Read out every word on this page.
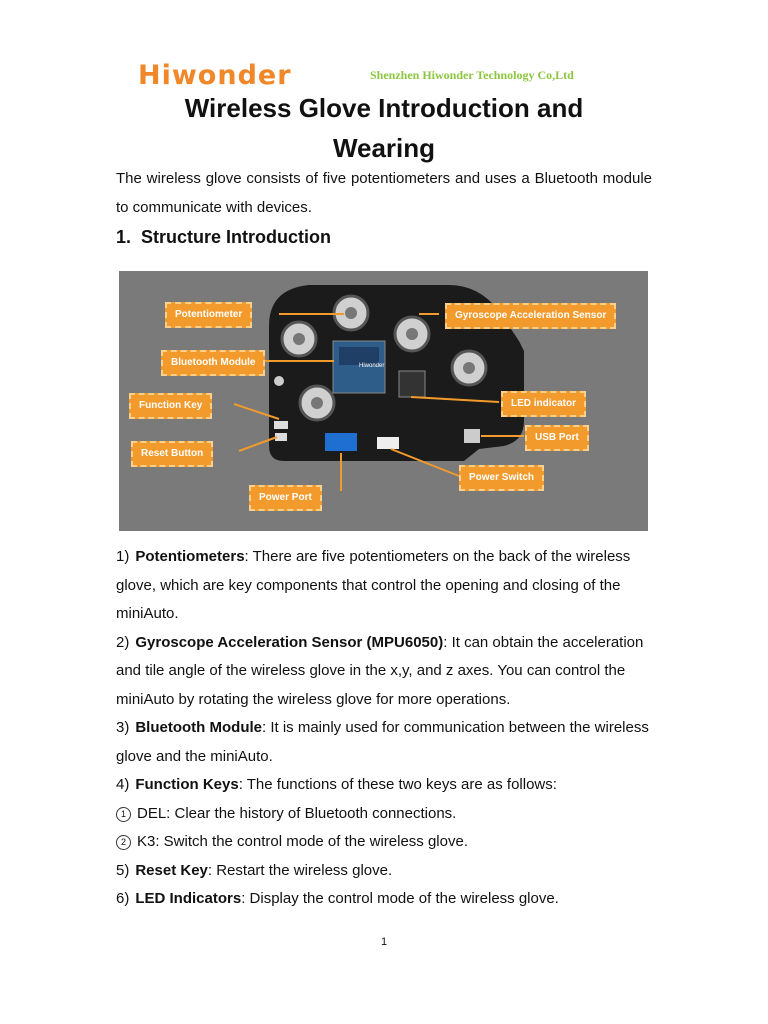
Hiwonder	Shenzhen Hiwonder Technology Co,Ltd
Wireless Glove Introduction and
Wearing
The wireless glove consists of five potentiometers and uses a Bluetooth module to communicate with devices.
1. Structure Introduction
Hiwonder
Potentiometer	Gyroscope Acceleration Sensor
Bluetooth Module
Function Key	LED indicator
USB Port
Reset Button
Power Switch
Power Port
1) Potentiometers: There are five potentiometers on the back of the wireless glove, which are key components that control the opening and closing of the miniAuto.
2) Gyroscope Acceleration Sensor (MPU6050): It can obtain the acceleration and tile angle of the wireless glove in the x,y, and z axes. You can control the miniAuto by rotating the wireless glove for more operations.
3) Bluetooth Module: It is mainly used for communication between the wireless glove and the miniAuto.
4) Function Keys: The functions of these two keys are as follows:
1 DEL: Clear the history of Bluetooth connections.
2 K3: Switch the control mode of the wireless glove.
5) Reset Key: Restart the wireless glove.
6) LED Indicators: Display the control mode of the wireless glove.
1
